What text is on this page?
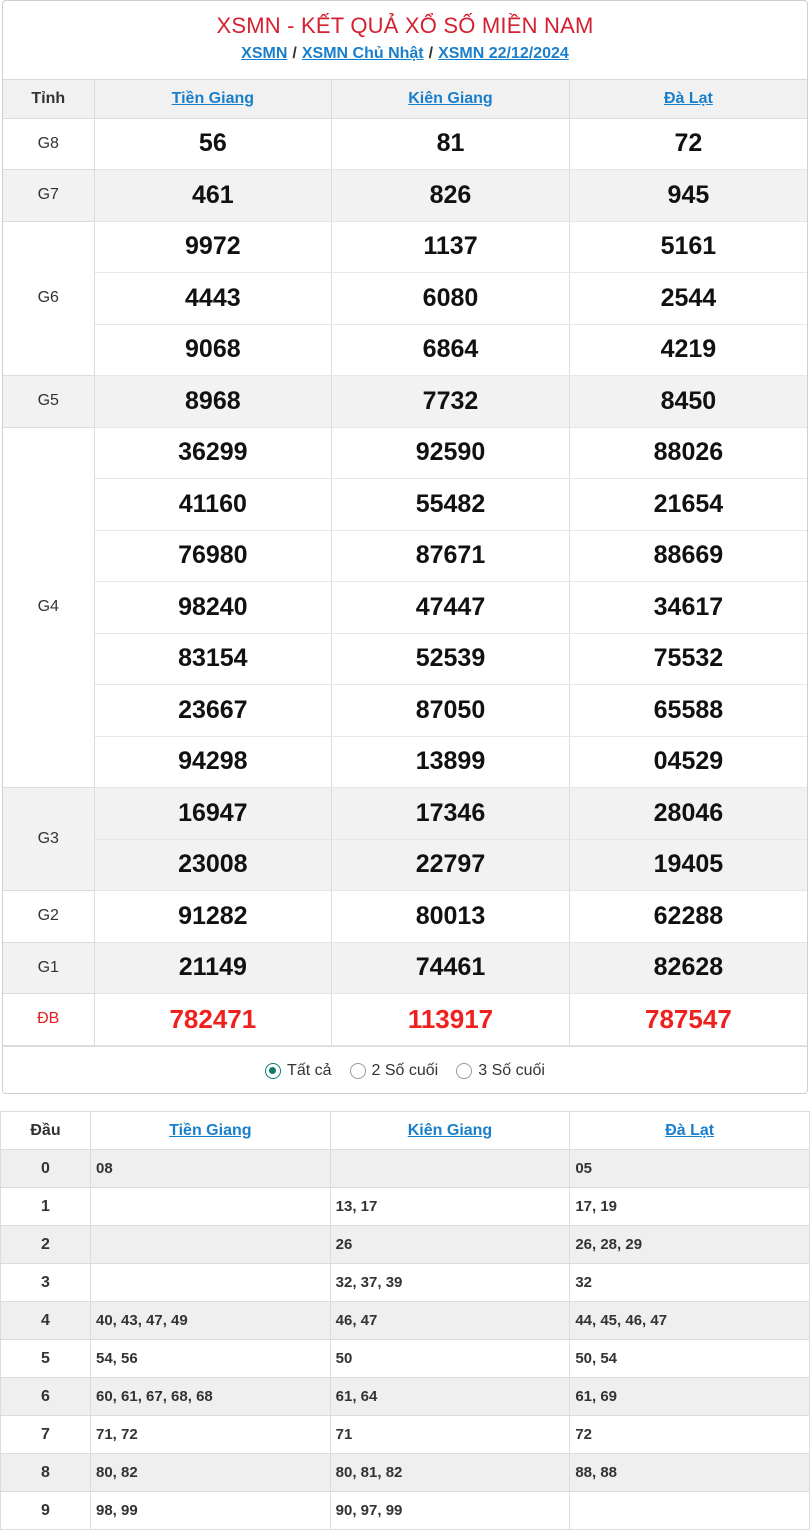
XSMN - KẾT QUẢ XỔ SỐ MIỀN NAM
XSMN / XSMN Chủ Nhật / XSMN 22/12/2024
Tỉnh	Tiền Giang	Kiên Giang	Đà Lạt
G8	56	81	72
G7	461	826	945
G6	9972	1137	5161
	4443	6080	2544
	9068	6864	4219
G5	8968	7732	8450
G4	36299	92590	88026
	41160	55482	21654
	76980	87671	88669
	98240	47447	34617
	83154	52539	75532
	23667	87050	65588
	94298	13899	04529
G3	16947	17346	28046
	23008	22797	19405
G2	91282	80013	62288
G1	21149	74461	82628
ĐB	782471	113917	787547
Tất cả	2 Số cuối	3 Số cuối
Đầu	Tiền Giang	Kiên Giang	Đà Lạt
0	08		05
1		13, 17	17, 19
2		26	26, 28, 29
3		32, 37, 39	32
4	40, 43, 47, 49	46, 47	44, 45, 46, 47
5	54, 56	50	50, 54
6	60, 61, 67, 68, 68	61, 64	61, 69
7	71, 72	71	72
8	80, 82	80, 81, 82	88, 88
9	98, 99	90, 97, 99	
